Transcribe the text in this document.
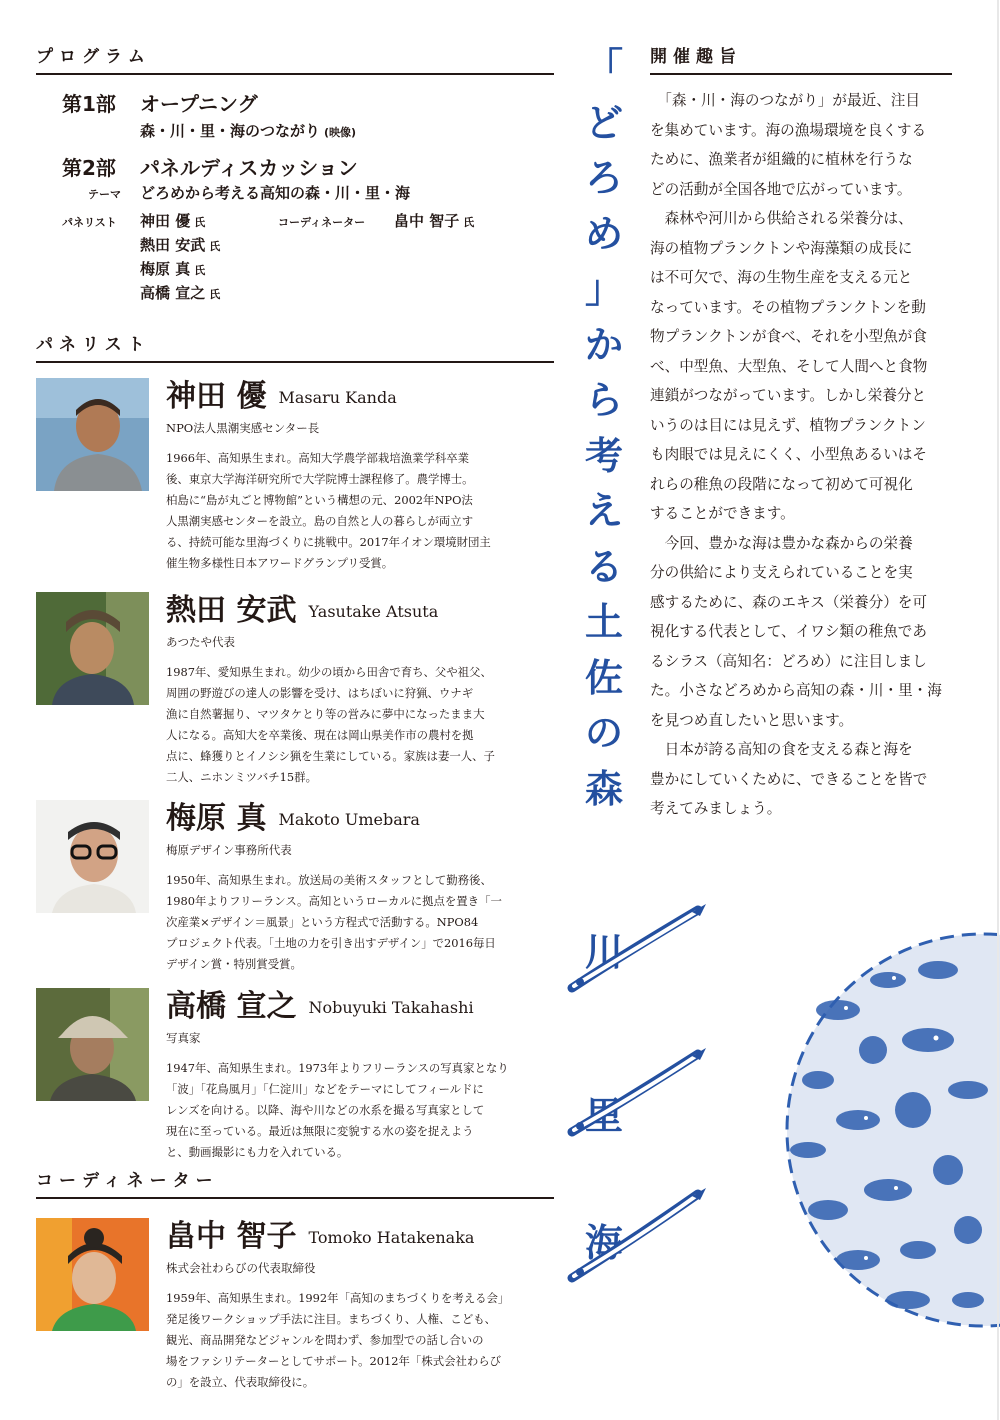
プログラム
第1部 オープニング
森・川・里・海のつながり (映像)
第2部 パネルディスカッション
テーマ どろめから考える高知の森・川・里・海
パネリスト 神田 優 氏
熱田 安武 氏
梅原 真 氏
高橋 宣之 氏
コーディネーター 畠中 智子 氏
パネリスト
神田 優 Masaru Kanda
NPO法人黒潮実感センター長
1966年、高知県生まれ。高知大学農学部栽培漁業学科卒業
後、東京大学海洋研究所で大学院博士課程修了。農学博士。
柏島に“島が丸ごと博物館”という構想の元、2002年NPO法
人黒潮実感センターを設立。島の自然と人の暮らしが両立す
る、持続可能な里海づくりに挑戦中。2017年イオン環境財団主
催生物多様性日本アワードグランプリ受賞。
熱田 安武 Yasutake Atsuta
あつたや代表
1987年、愛知県生まれ。幼少の頃から田舎で育ち、父や祖父、
周囲の野遊びの達人の影響を受け、はちぼいに狩猟、ウナギ
漁に自然薯掘り、マツタケとり等の営みに夢中になったまま大
人になる。高知大を卒業後、現在は岡山県美作市の農村を拠
点に、蜂獲りとイノシシ猟を生業にしている。家族は妻一人、子
二人、ニホンミツバチ15群。
梅原 真 Makoto Umebara
梅原デザイン事務所代表
1950年、高知県生まれ。放送局の美術スタッフとして勤務後、
1980年よりフリーランス。高知というローカルに拠点を置き「一
次産業×デザイン＝風景」という方程式で活動する。NPO84
プロジェクト代表。「土地の力を引き出すデザイン」で2016毎日
デザイン賞・特別賞受賞。
高橋 宣之 Nobuyuki Takahashi
写真家
1947年、高知県生まれ。1973年よりフリーランスの写真家となり
「波」「花鳥風月」「仁淀川」などをテーマにしてフィールドに
レンズを向ける。以降、海や川などの水系を撮る写真家として
現在に至っている。最近は無限に変貌する水の姿を捉えよう
と、動画撮影にも力を入れている。
コーディネーター
畠中 智子 Tomoko Hatakenaka
株式会社わらびの代表取締役
1959年、高知県生まれ。1992年「高知のまちづくりを考える会」
発足後ワークショップ手法に注目。まちづくり、人権、こども、
観光、商品開発などジャンルを問わず、参加型での話し合いの
場をファシリテーターとしてサポート。2012年「株式会社わらび
の」を設立、代表取締役に。
「
ど
ろ
め
」
か
ら
考
え
る
土
佐
の
森
川
里
海
開催趣旨
　「森・川・海のつながり」が最近、注目
を集めています。海の漁場環境を良くする
ために、漁業者が組織的に植林を行うな
どの活動が全国各地で広がっています。
　森林や河川から供給される栄養分は、
海の植物プランクトンや海藻類の成長に
は不可欠で、海の生物生産を支える元と
なっています。その植物プランクトンを動
物プランクトンが食べ、それを小型魚が食
べ、中型魚、大型魚、そして人間へと食物
連鎖がつながっています。しかし栄養分と
いうのは目には見えず、植物プランクトン
も肉眼では見えにくく、小型魚あるいはそ
れらの稚魚の段階になって初めて可視化
することができます。
　今回、豊かな海は豊かな森からの栄養
分の供給により支えられていることを実
感するために、森のエキス（栄養分）を可
視化する代表として、イワシ類の稚魚であ
るシラス（高知名：どろめ）に注目しまし
た。小さなどろめから高知の森・川・里・海
を見つめ直したいと思います。
　日本が誇る高知の食を支える森と海を
豊かにしていくために、できることを皆で
考えてみましょう。
